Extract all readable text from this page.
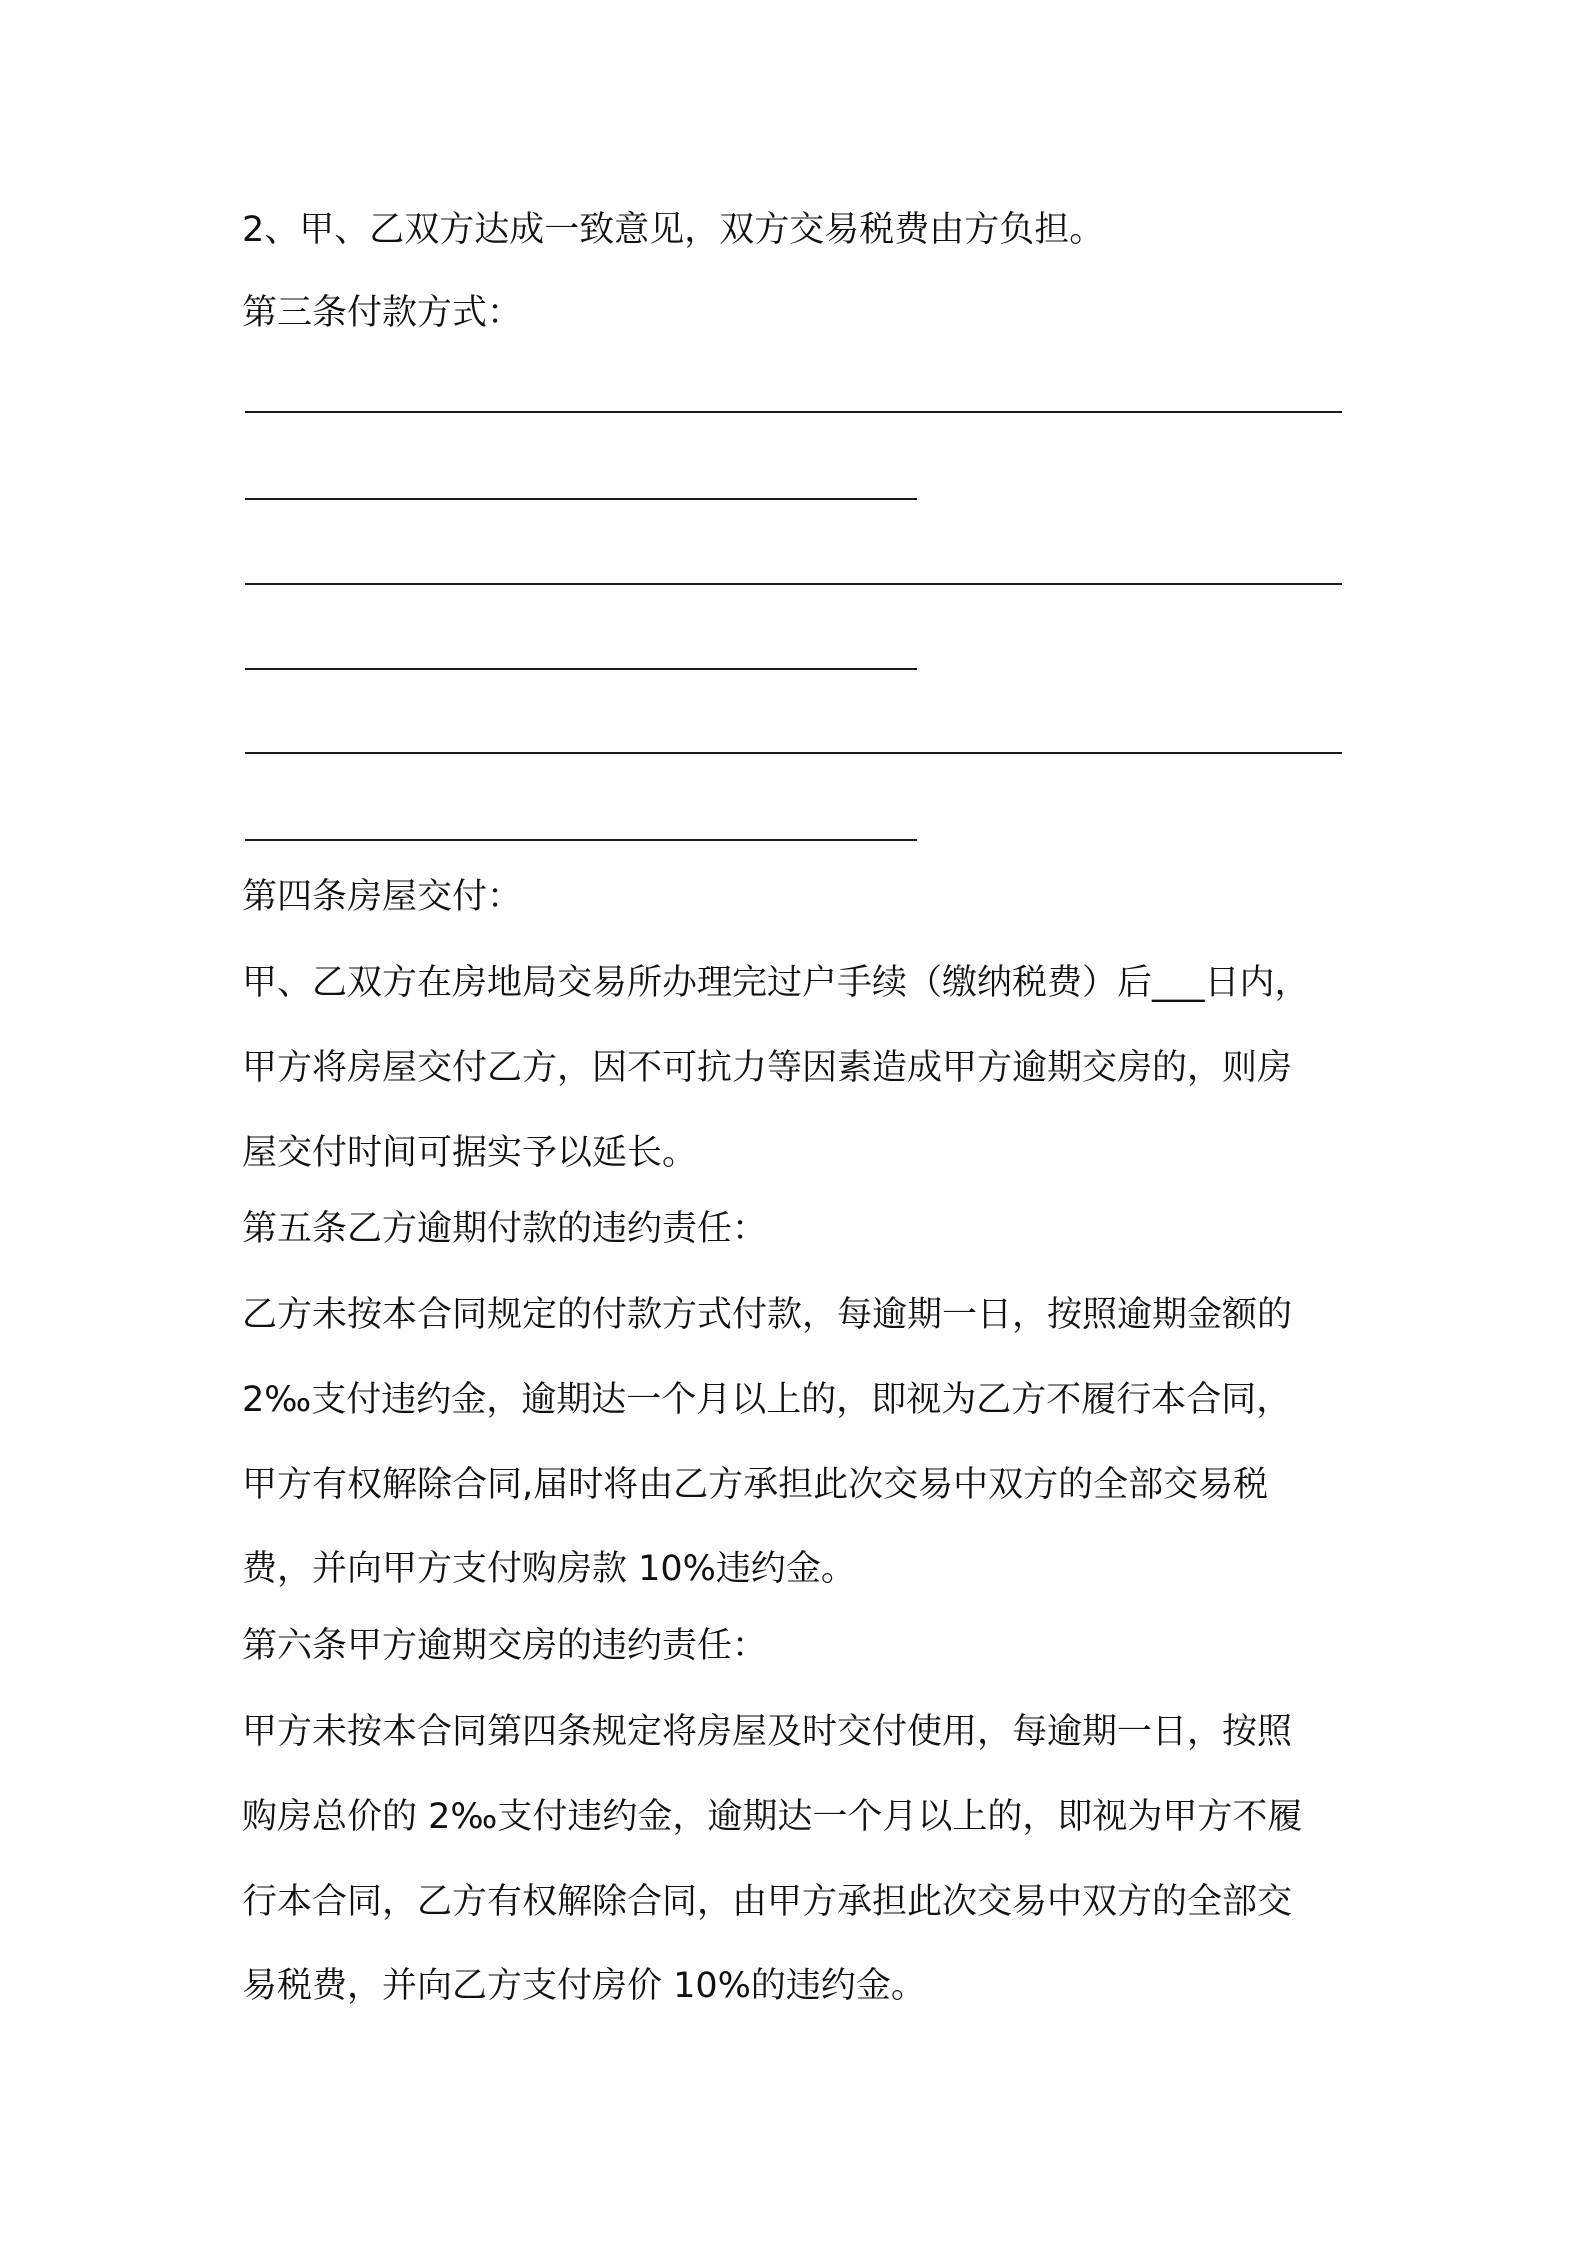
2、甲、乙双方达成一致意见，双方交易税费由方负担。
第三条付款方式：
第四条房屋交付：
甲、乙双方在房地局交易所办理完过户手续（缴纳税费）后___日内，
甲方将房屋交付乙方，因不可抗力等因素造成甲方逾期交房的，则房
屋交付时间可据实予以延长。
第五条乙方逾期付款的违约责任：
乙方未按本合同规定的付款方式付款，每逾期一日，按照逾期金额的
2‰支付违约金，逾期达一个月以上的，即视为乙方不履行本合同，
甲方有权解除合同,届时将由乙方承担此次交易中双方的全部交易税
费，并向甲方支付购房款 10%违约金。
第六条甲方逾期交房的违约责任：
甲方未按本合同第四条规定将房屋及时交付使用，每逾期一日，按照
购房总价的 2‰支付违约金，逾期达一个月以上的，即视为甲方不履
行本合同，乙方有权解除合同，由甲方承担此次交易中双方的全部交
易税费，并向乙方支付房价 10%的违约金。
